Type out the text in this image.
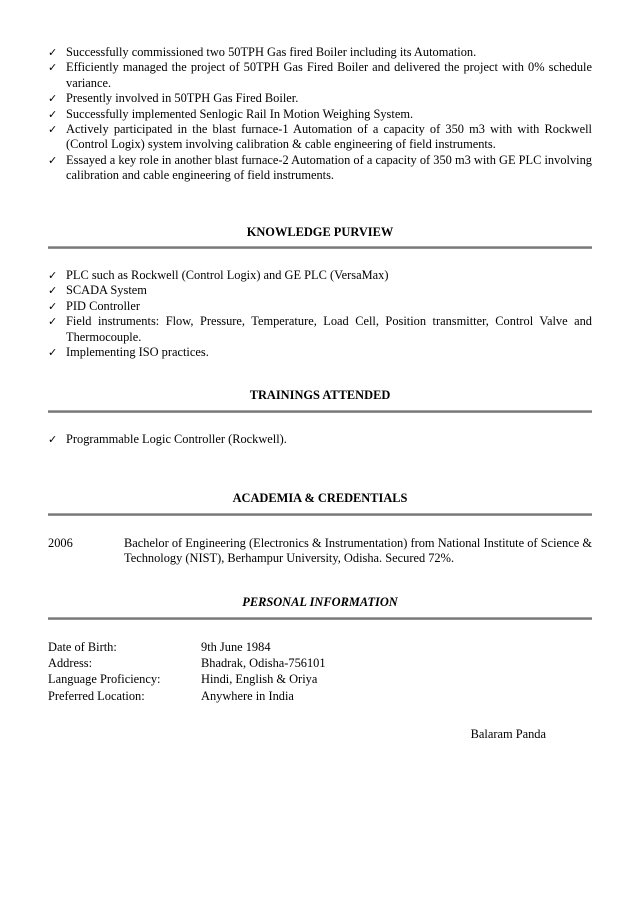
✓ Successfully commissioned two 50TPH Gas fired Boiler including its Automation.
✓ Efficiently managed the project of 50TPH Gas Fired Boiler and delivered the project with 0% schedule variance.
✓ Presently involved in 50TPH Gas Fired Boiler.
✓ Successfully implemented Senlogic Rail In Motion Weighing System.
✓ Actively participated in the blast furnace-1 Automation of a capacity of 350 m3 with with Rockwell (Control Logix) system involving calibration & cable engineering of field instruments.
✓ Essayed a key role in another blast furnace-2 Automation of a capacity of 350 m3 with GE PLC involving calibration and cable engineering of field instruments.
KNOWLEDGE PURVIEW
✓ PLC such as Rockwell (Control Logix) and GE PLC (VersaMax)
✓ SCADA System
✓ PID Controller
✓ Field instruments: Flow, Pressure, Temperature, Load Cell, Position transmitter, Control Valve and Thermocouple.
✓ Implementing ISO practices.
TRAININGS ATTENDED
✓ Programmable Logic Controller (Rockwell).
ACADEMIA & CREDENTIALS
2006	Bachelor of Engineering (Electronics & Instrumentation) from National Institute of Science & Technology (NIST), Berhampur University, Odisha. Secured 72%.
PERSONAL INFORMATION
Date of Birth:	9th June 1984
Address:	Bhadrak, Odisha-756101
Language Proficiency:	Hindi, English & Oriya
Preferred Location:	Anywhere in India
Balaram Panda
